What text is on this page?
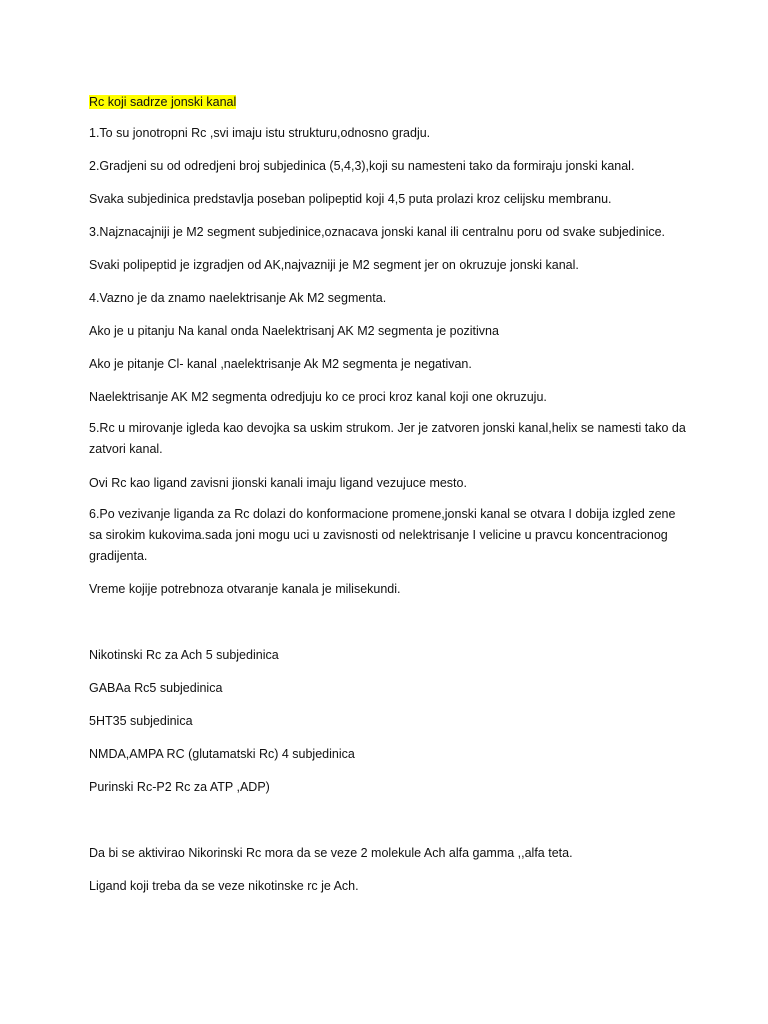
Rc koji sadrze jonski kanal
1.To su jonotropni Rc ,svi imaju istu strukturu,odnosno gradju.
2.Gradjeni su od odredjeni broj subjedinica (5,4,3),koji su namesteni tako da formiraju jonski kanal.
Svaka subjedinica predstavlja poseban polipeptid koji 4,5 puta prolazi kroz celijsku membranu.
3.Najznacajniji je M2 segment subjedinice,oznacava jonski kanal ili centralnu poru od svake subjedinice.
Svaki polipeptid je izgradjen od AK,najvazniji je M2 segment jer on okruzuje jonski kanal.
4.Vazno je da znamo naelektrisanje Ak M2 segmenta.
Ako je u pitanju Na kanal onda Naelektrisanj AK M2 segmenta je pozitivna
Ako je pitanje Cl- kanal ,naelektrisanje Ak M2 segmenta je negativan.
Naelektrisanje AK M2 segmenta odredjuju ko ce proci kroz kanal koji one okruzuju.
5.Rc u mirovanje igleda kao devojka sa uskim strukom. Jer je zatvoren jonski kanal,helix se namesti tako da zatvori kanal.
Ovi Rc kao ligand zavisni jionski kanali imaju ligand vezujuce mesto.
6.Po vezivanje liganda za Rc dolazi do konformacione promene,jonski kanal se otvara I dobija izgled zene sa sirokim kukovima.sada joni mogu uci u zavisnosti od nelektrisanje I velicine u pravcu koncentracionog gradijenta.
Vreme kojije potrebnoza otvaranje kanala je milisekundi.
Nikotinski Rc za Ach 5 subjedinica
GABAa Rc5 subjedinica
5HT35 subjedinica
NMDA,AMPA RC (glutamatski Rc) 4 subjedinica
Purinski Rc-P2 Rc za ATP ,ADP)
Da bi se aktivirao Nikorinski Rc mora da se veze 2 molekule Ach alfa gamma ,,alfa teta.
Ligand koji treba da se veze nikotinske rc je Ach.
